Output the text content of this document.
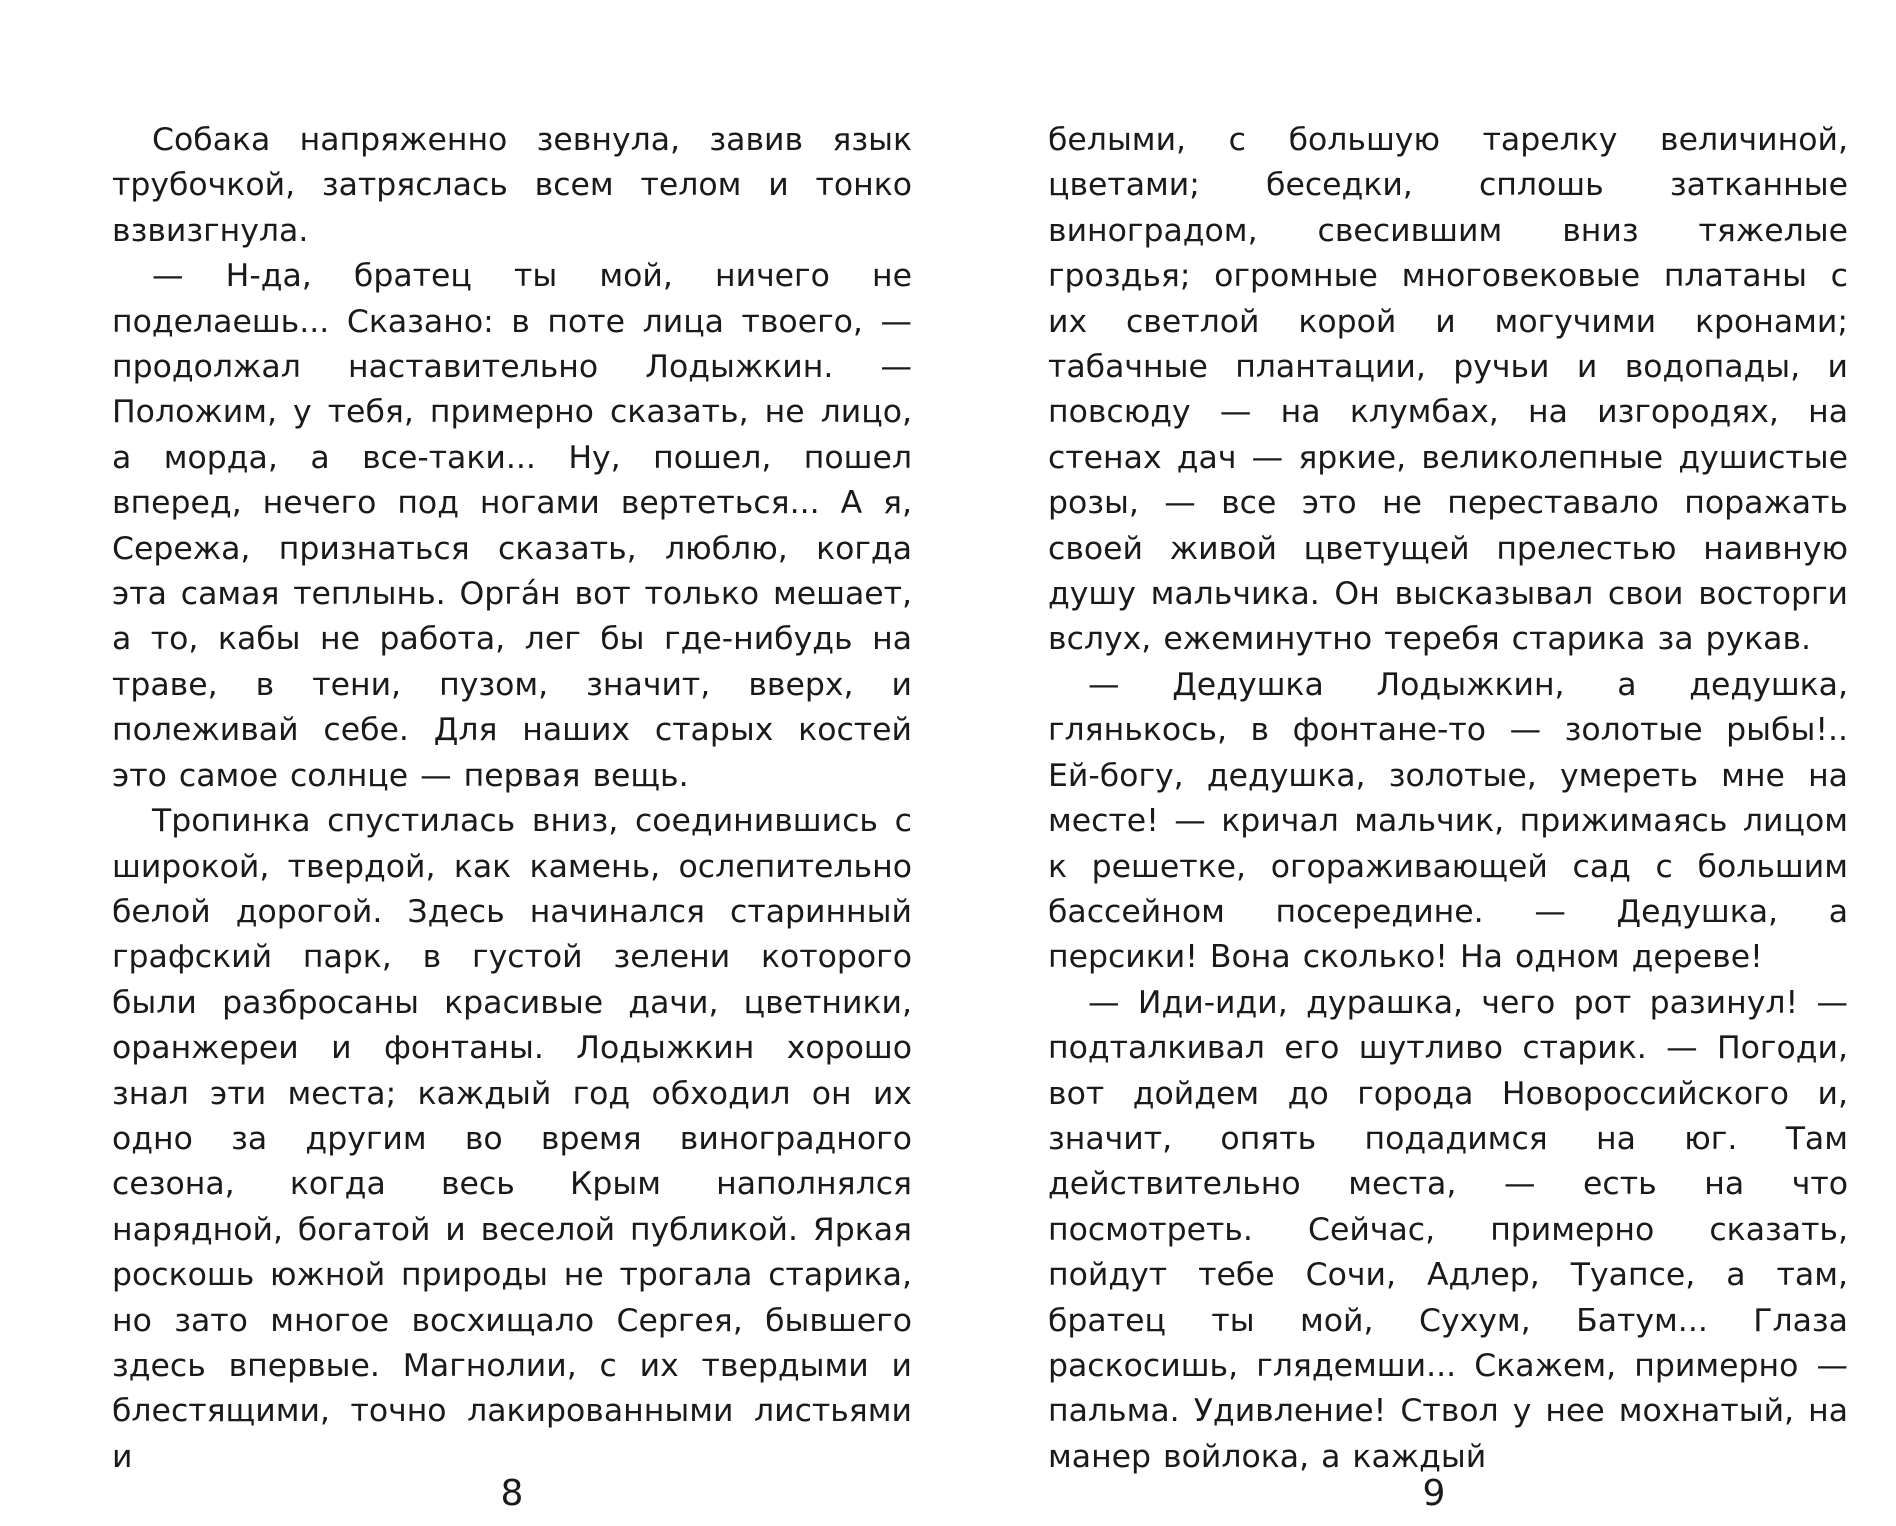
Собака напряженно зевнула, завив язык трубочкой, затряслась всем телом и тонко взвизгнула.

— Н-да, братец ты мой, ничего не поделаешь... Сказано: в поте лица твоего, — продолжал наставительно Лодыжкин. — Положим, у тебя, примерно сказать, не лицо, а морда, а все-таки... Ну, пошел, пошел вперед, нечего под ногами вертеться... А я, Сережа, признаться сказать, люблю, когда эта самая теплынь. Орга́н вот только мешает, а то, кабы не работа, лег бы где-нибудь на траве, в тени, пузом, значит, вверх, и полеживай себе. Для наших старых костей это самое солнце — первая вещь.

Тропинка спустилась вниз, соединившись с широкой, твердой, как камень, ослепительно белой дорогой. Здесь начинался старинный графский парк, в густой зелени которого были разбросаны красивые дачи, цветники, оранжереи и фонтаны. Лодыжкин хорошо знал эти места; каждый год обходил он их одно за другим во время виноградного сезона, когда весь Крым наполнялся нарядной, богатой и веселой публикой. Яркая роскошь южной природы не трогала старика, но зато многое восхищало Сергея, бывшего здесь впервые. Магнолии, с их твердыми и блестящими, точно лакированными листьями и

белыми, с большую тарелку величиной, цветами; беседки, сплошь затканные виноградом, свесившим вниз тяжелые гроздья; огромные многовековые платаны с их светлой корой и могучими кронами; табачные плантации, ручьи и водопады, и повсюду — на клумбах, на изгородях, на стенах дач — яркие, великолепные душистые розы, — все это не переставало поражать своей живой цветущей прелестью наивную душу мальчика. Он высказывал свои восторги вслух, ежеминутно теребя старика за рукав.

— Дедушка Лодыжкин, а дедушка, глянькось, в фонтане-то — золотые рыбы!.. Ей-богу, дедушка, золотые, умереть мне на месте! — кричал мальчик, прижимаясь лицом к решетке, огораживающей сад с большим бассейном посередине. — Дедушка, а персики! Вона сколько! На одном дереве!

— Иди-иди, дурашка, чего рот разинул! — подталкивал его шутливо старик. — Погоди, вот дойдем до города Новороссийского и, значит, опять подадимся на юг. Там действительно места, — есть на что посмотреть. Сейчас, примерно сказать, пойдут тебе Сочи, Адлер, Туапсе, а там, братец ты мой, Сухум, Батум... Глаза раскосишь, глядемши... Скажем, примерно — пальма. Удивление! Ствол у нее мохнатый, на манер войлока, а каждый

8	9
